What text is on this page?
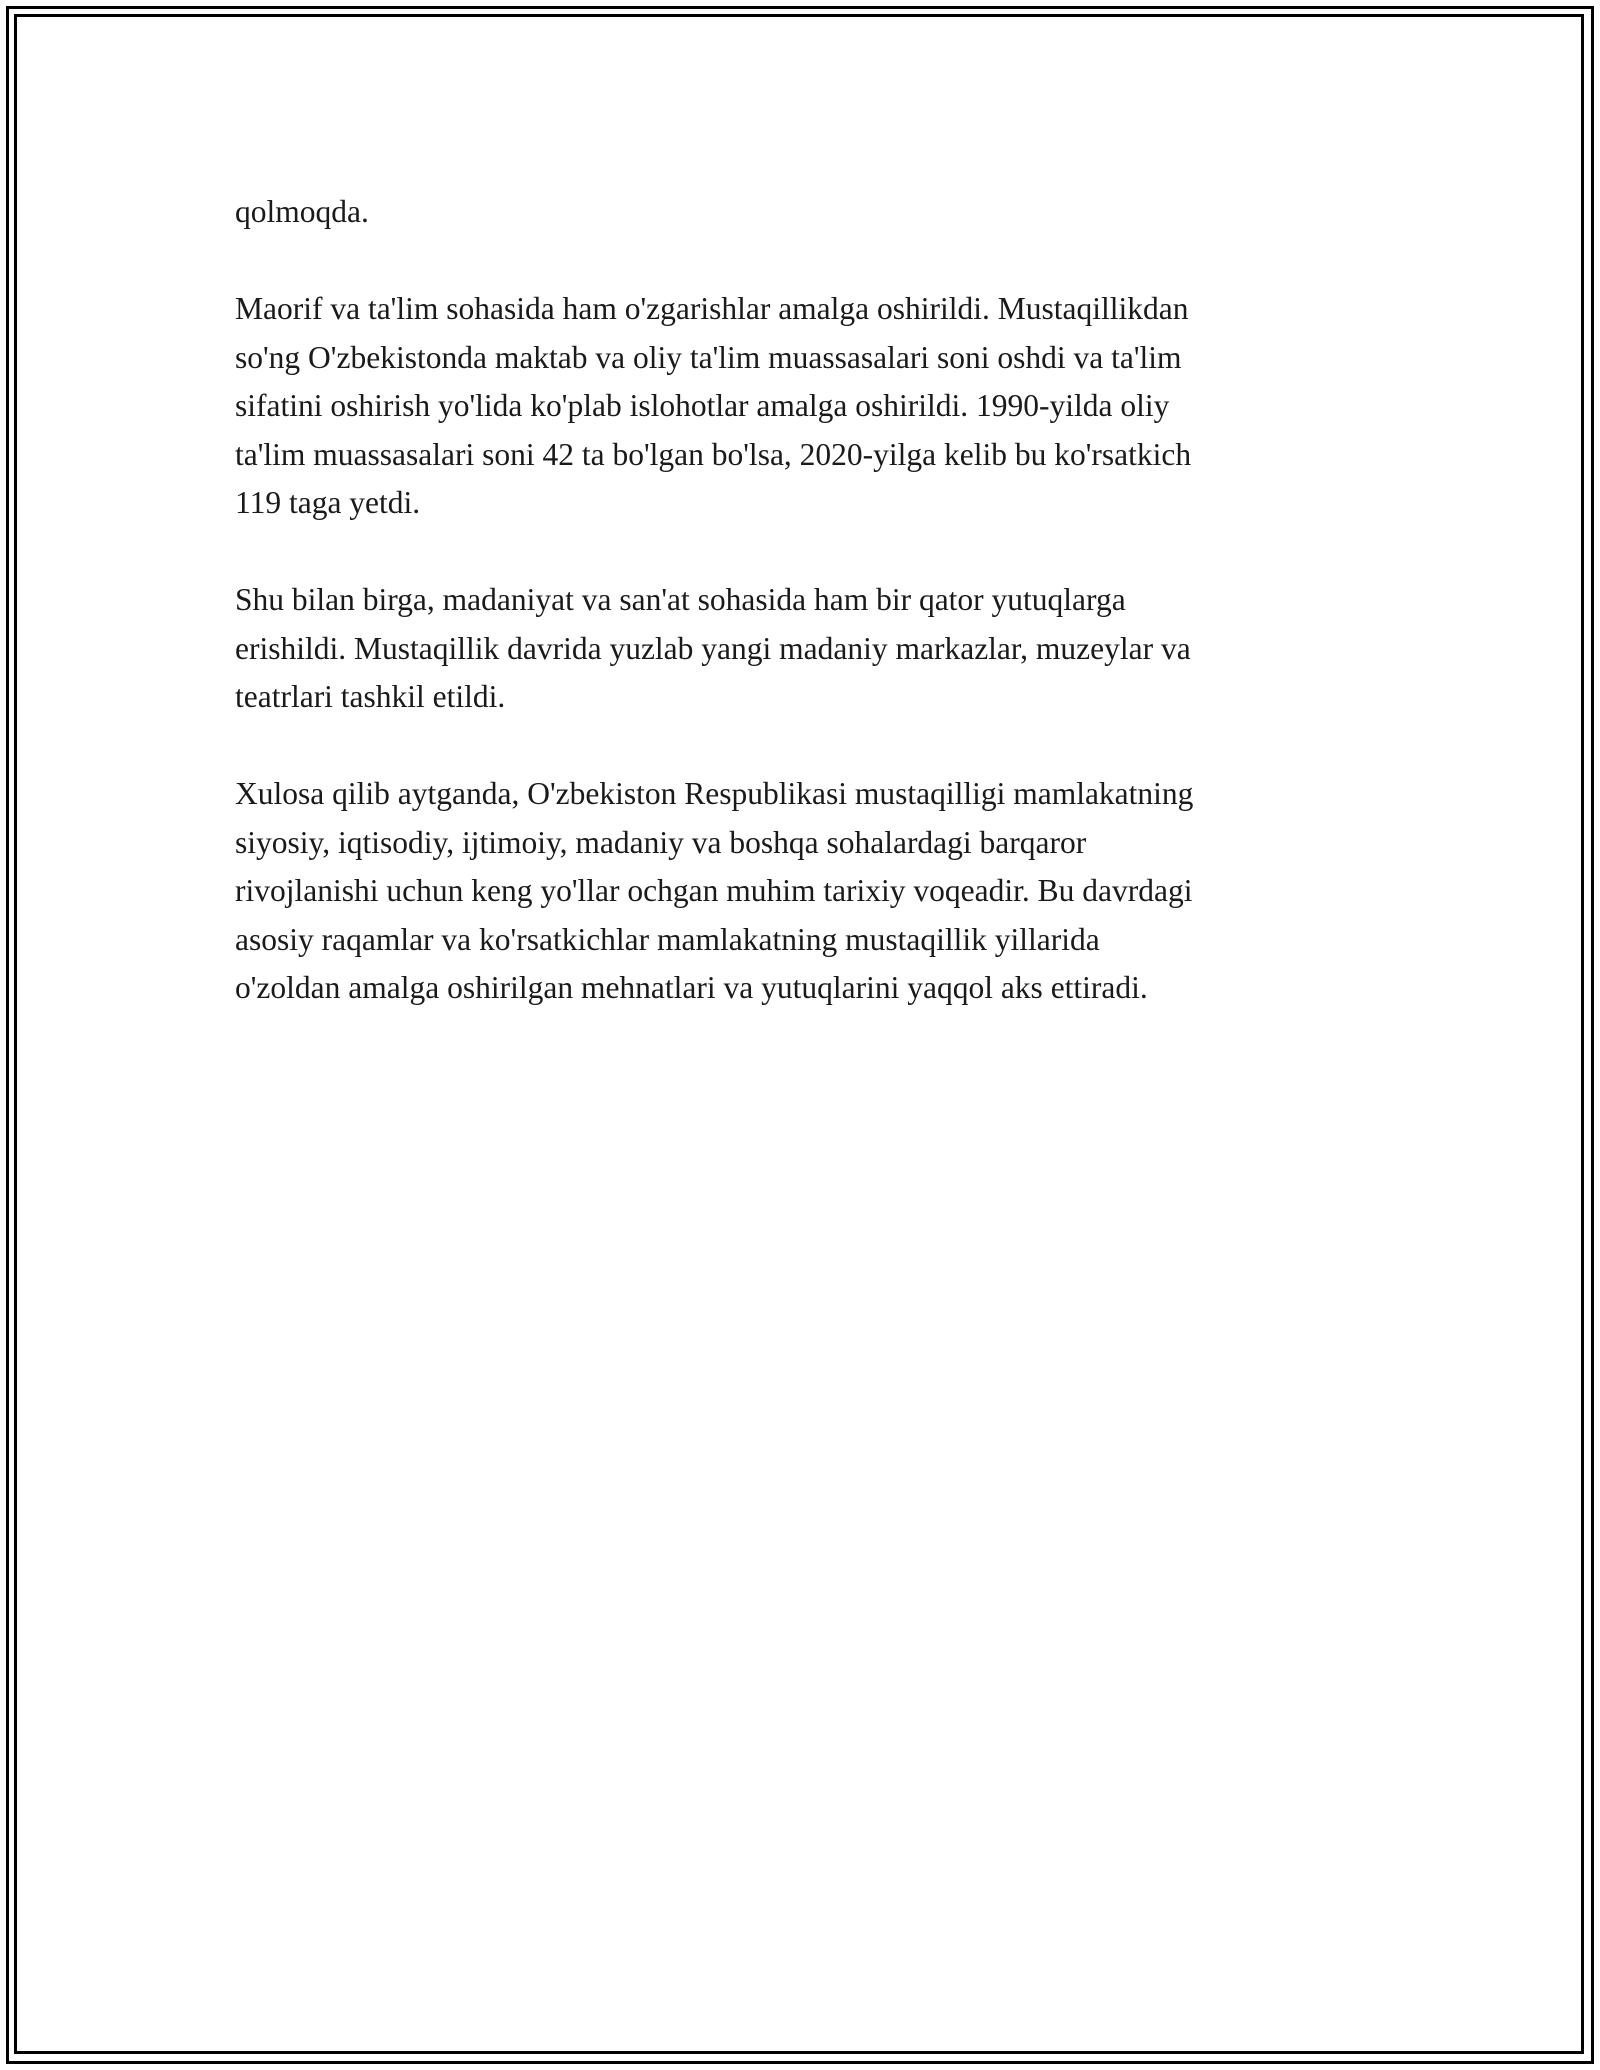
qolmoqda.

Maorif va ta'lim sohasida ham o'zgarishlar amalga oshirildi. Mustaqillikdan
so'ng O'zbekistonda maktab va oliy ta'lim muassasalari soni oshdi va ta'lim
sifatini oshirish yo'lida ko'plab islohotlar amalga oshirildi. 1990-yilda oliy
ta'lim muassasalari soni 42 ta bo'lgan bo'lsa, 2020-yilga kelib bu ko'rsatkich
119 taga yetdi.

Shu bilan birga, madaniyat va san'at sohasida ham bir qator yutuqlarga
erishildi. Mustaqillik davrida yuzlab yangi madaniy markazlar, muzeylar va
teatrlari tashkil etildi.

Xulosa qilib aytganda, O'zbekiston Respublikasi mustaqilligi mamlakatning
siyosiy, iqtisodiy, ijtimoiy, madaniy va boshqa sohalardagi barqaror
rivojlanishi uchun keng yo'llar ochgan muhim tarixiy voqeadir. Bu davrdagi
asosiy raqamlar va ko'rsatkichlar mamlakatning mustaqillik yillarida
o'zoldan amalga oshirilgan mehnatlari va yutuqlarini yaqqol aks ettiradi.
